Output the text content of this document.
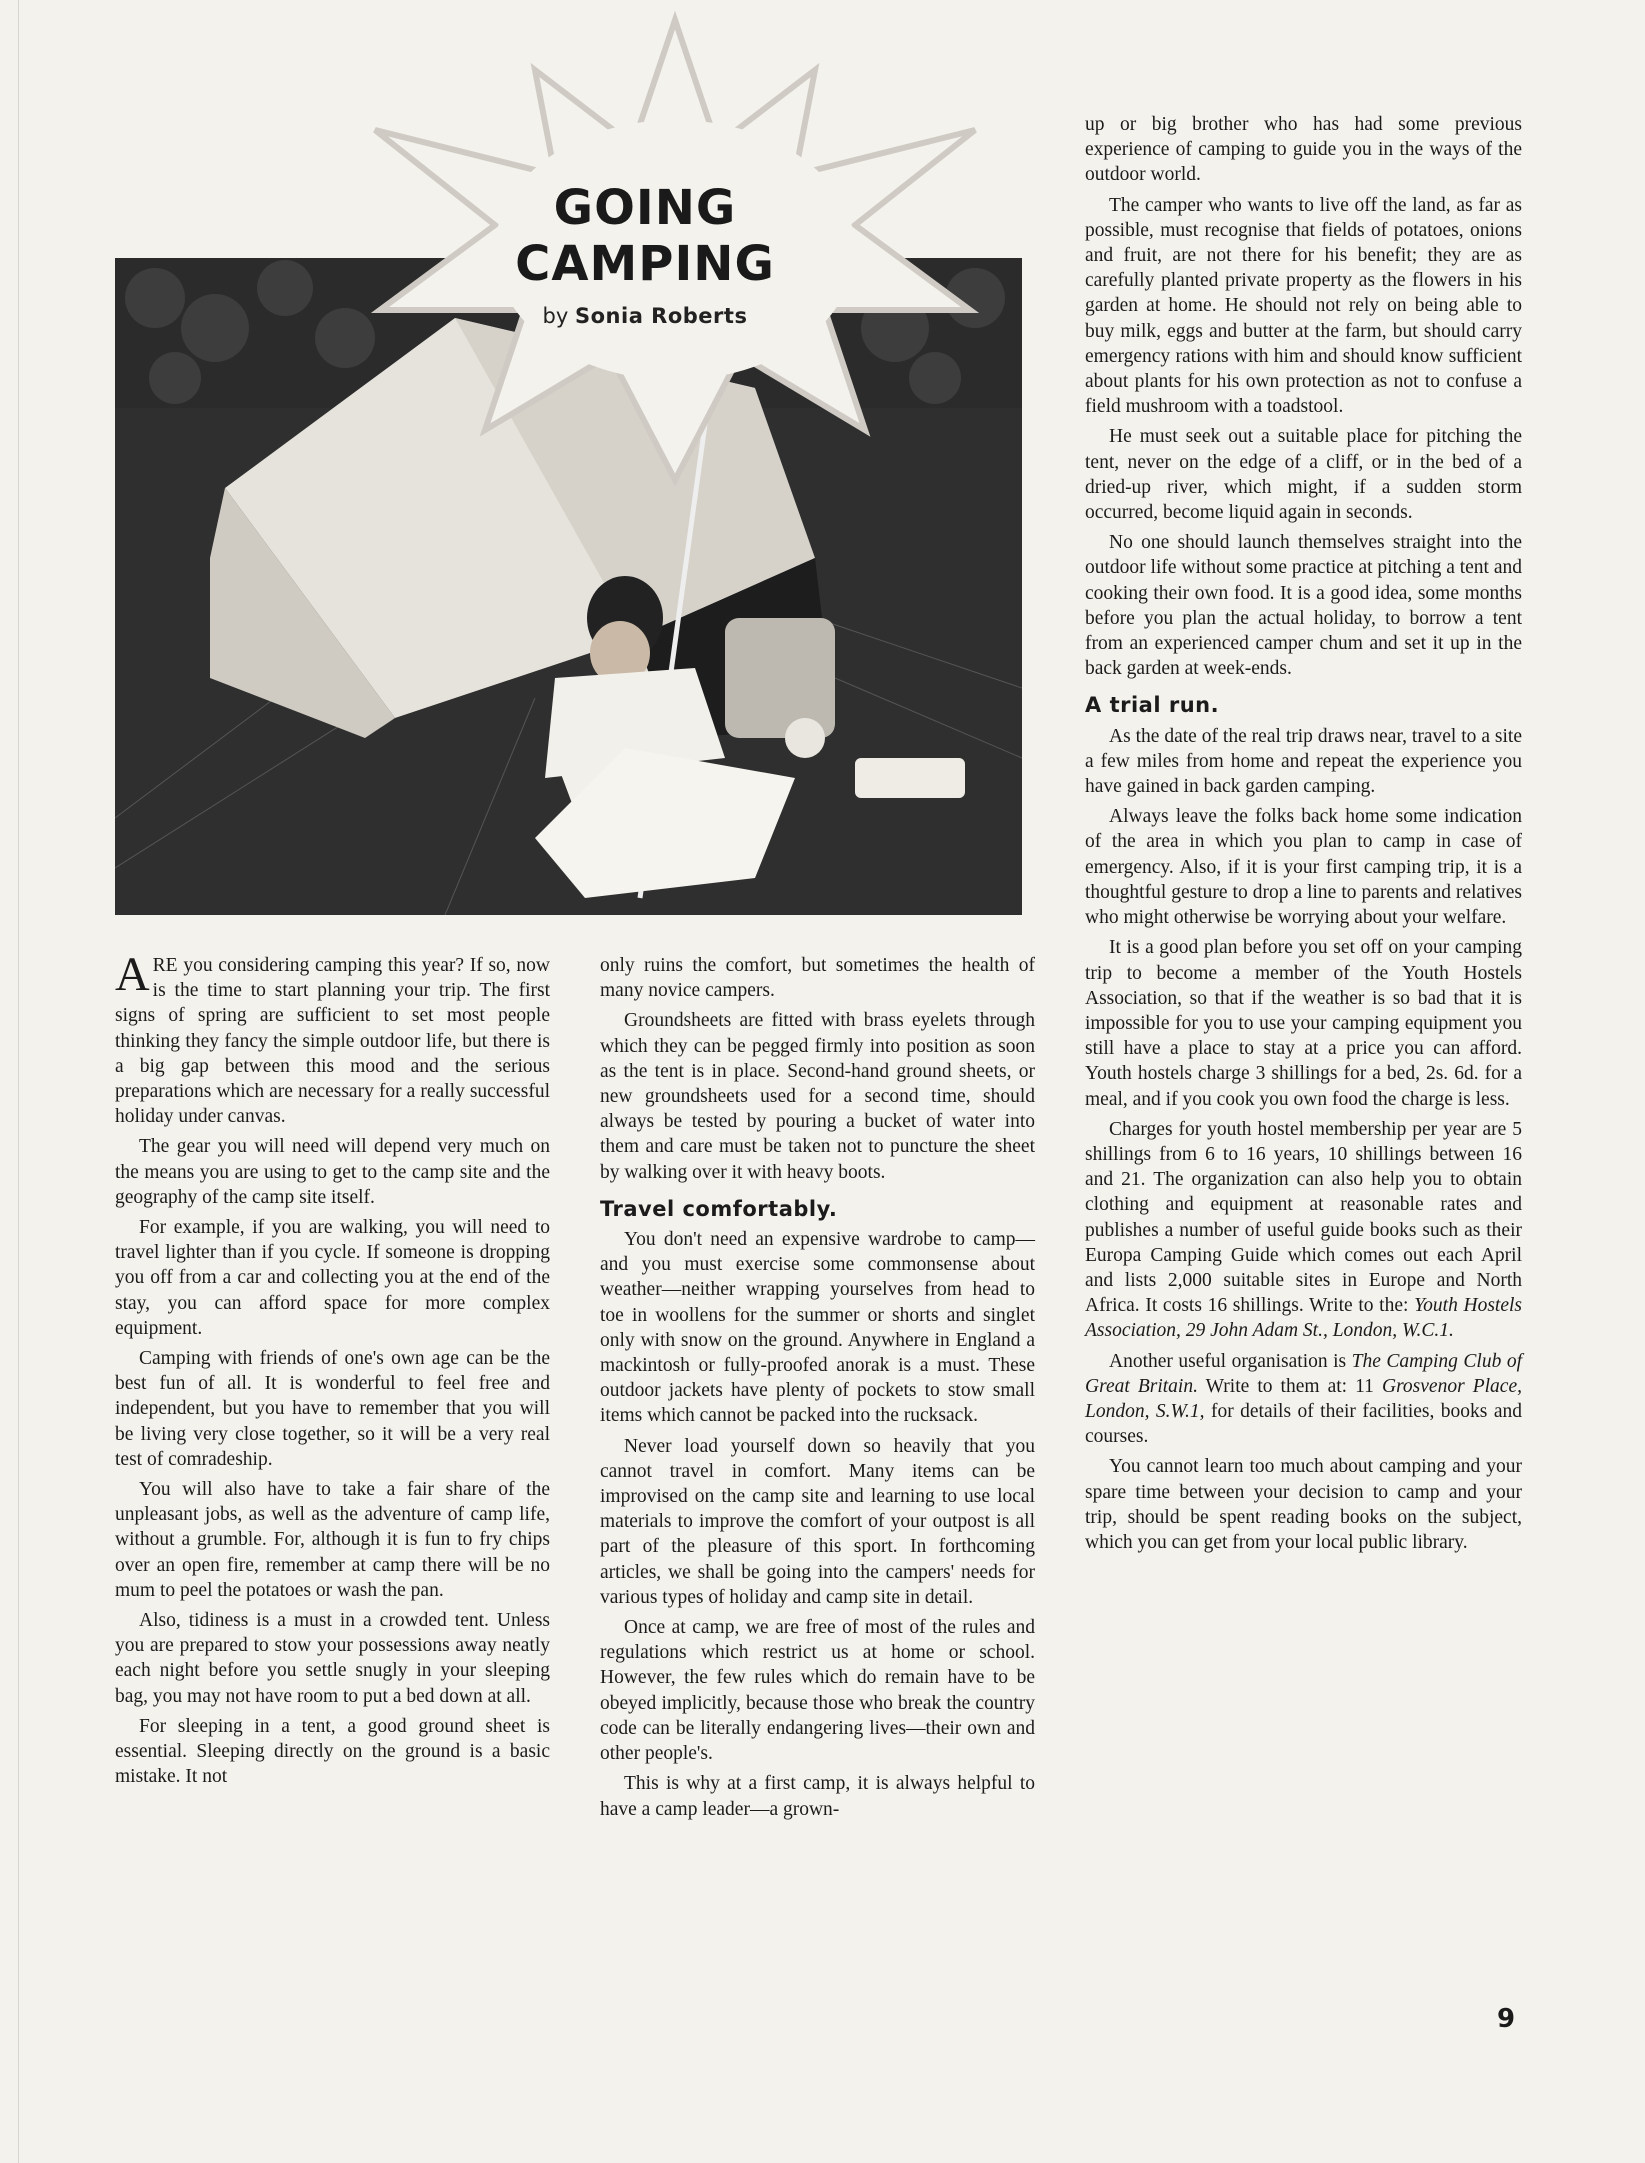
GOING
CAMPING
by Sonia Roberts

ARE you considering camping this year? If so, now is the time to start planning your trip. The first signs of spring are sufficient to set most people thinking they fancy the simple outdoor life, but there is a big gap between this mood and the serious preparations which are necessary for a really successful holiday under canvas.

The gear you will need will depend very much on the means you are using to get to the camp site and the geography of the camp site itself.

For example, if you are walking, you will need to travel lighter than if you cycle. If someone is dropping you off from a car and collecting you at the end of the stay, you can afford space for more complex equipment.

Camping with friends of one's own age can be the best fun of all. It is wonderful to feel free and independent, but you have to remember that you will be living very close together, so it will be a very real test of comradeship.

You will also have to take a fair share of the unpleasant jobs, as well as the adventure of camp life, without a grumble. For, although it is fun to fry chips over an open fire, remember at camp there will be no mum to peel the potatoes or wash the pan.

Also, tidiness is a must in a crowded tent. Unless you are prepared to stow your possessions away neatly each night before you settle snugly in your sleeping bag, you may not have room to put a bed down at all.

For sleeping in a tent, a good ground sheet is essential. Sleeping directly on the ground is a basic mistake. It not

only ruins the comfort, but sometimes the health of many novice campers.

Groundsheets are fitted with brass eyelets through which they can be pegged firmly into position as soon as the tent is in place. Second-hand ground sheets, or new groundsheets used for a second time, should always be tested by pouring a bucket of water into them and care must be taken not to puncture the sheet by walking over it with heavy boots.

Travel comfortably.

You don't need an expensive wardrobe to camp—and you must exercise some commonsense about weather—neither wrapping yourselves from head to toe in woollens for the summer or shorts and singlet only with snow on the ground. Anywhere in England a mackintosh or fully-proofed anorak is a must. These outdoor jackets have plenty of pockets to stow small items which cannot be packed into the rucksack.

Never load yourself down so heavily that you cannot travel in comfort. Many items can be improvised on the camp site and learning to use local materials to improve the comfort of your outpost is all part of the pleasure of this sport. In forthcoming articles, we shall be going into the campers' needs for various types of holiday and camp site in detail.

Once at camp, we are free of most of the rules and regulations which restrict us at home or school. However, the few rules which do remain have to be obeyed implicitly, because those who break the country code can be literally endangering lives—their own and other people's.

This is why at a first camp, it is always helpful to have a camp leader—a grown-

up or big brother who has had some previous experience of camping to guide you in the ways of the outdoor world.

The camper who wants to live off the land, as far as possible, must recognise that fields of potatoes, onions and fruit, are not there for his benefit; they are as carefully planted private property as the flowers in his garden at home. He should not rely on being able to buy milk, eggs and butter at the farm, but should carry emergency rations with him and should know sufficient about plants for his own protection as not to confuse a field mushroom with a toadstool.

He must seek out a suitable place for pitching the tent, never on the edge of a cliff, or in the bed of a dried-up river, which might, if a sudden storm occurred, become liquid again in seconds.

No one should launch themselves straight into the outdoor life without some practice at pitching a tent and cooking their own food. It is a good idea, some months before you plan the actual holiday, to borrow a tent from an experienced camper chum and set it up in the back garden at week-ends.

A trial run.

As the date of the real trip draws near, travel to a site a few miles from home and repeat the experience you have gained in back garden camping.

Always leave the folks back home some indication of the area in which you plan to camp in case of emergency. Also, if it is your first camping trip, it is a thoughtful gesture to drop a line to parents and relatives who might otherwise be worrying about your welfare.

It is a good plan before you set off on your camping trip to become a member of the Youth Hostels Association, so that if the weather is so bad that it is impossible for you to use your camping equipment you still have a place to stay at a price you can afford. Youth hostels charge 3 shillings for a bed, 2s. 6d. for a meal, and if you cook you own food the charge is less.

Charges for youth hostel membership per year are 5 shillings from 6 to 16 years, 10 shillings between 16 and 21. The organization can also help you to obtain clothing and equipment at reasonable rates and publishes a number of useful guide books such as their Europa Camping Guide which comes out each April and lists 2,000 suitable sites in Europe and North Africa. It costs 16 shillings. Write to the: Youth Hostels Association, 29 John Adam St., London, W.C.1.

Another useful organisation is The Camping Club of Great Britain. Write to them at: 11 Grosvenor Place, London, S.W.1, for details of their facilities, books and courses.

You cannot learn too much about camping and your spare time between your decision to camp and your trip, should be spent reading books on the subject, which you can get from your local public library.

9
